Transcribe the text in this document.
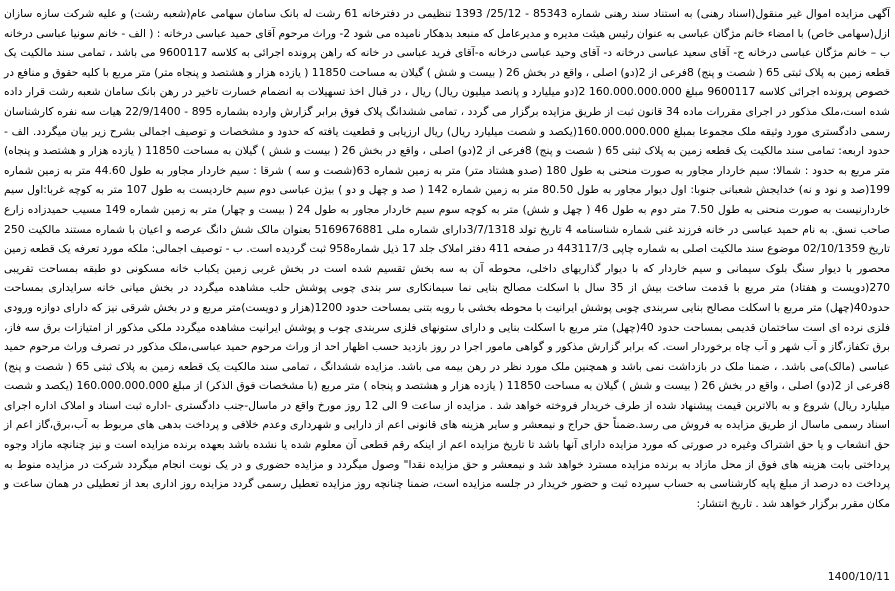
آگهی مزایده اموال غیر منقول(اسناد رهنی) به استناد سند رهنی شماره 85343 - 25/12/ 1393 تنظیمی در دفترخانه 61 رشت له بانک سامان سهامی عام(شعبه رشت) و علیه شرکت سازه سازان ازل(سهامی خاص) با امضاء خانم مژگان عباسی به عنوان رئیس هیئت مدیره و مدیرعامل که منبعد بدهکار نامیده می شود 2- وراث مرحوم آقای حمید عباسی درخانه : ( الف - خانم سونیا عباسی درخانه ب – خانم مژگان عباسی درخانه ج- آقای سعید عباسی درخانه د- آقای وحید عباسی درخانه ه-آقای فرید عباسی در خانه که راهن پرونده اجرائی به کلاسه 9600117 می باشد ، تمامی سند مالکیت یک قطعه زمین به پلاک ثبتی 65 ( شصت و پنج) 8فرعی از 2(دو) اصلی ، واقع در بخش 26 ( بیست و شش ) گیلان به مساحت 11850 ( یازده هزار و هشتصد و پنجاه متر) متر مربع با کلیه حقوق و منافع در خصوص پرونده اجرائی کلاسه 9600117 مبلغ 160.000.000.000 2(دو میلیارد و پانصد میلیون ریال) ریال ، در قبال اخذ تسهیلات به انضمام خسارت تاخیر در رهن بانک سامان شعبه رشت قرار داده شده است،ملک مذکور در اجرای مقررات ماده 34 قانون ثبت از طریق مزایده برگزار می گردد ، تمامی ششدانگ پلاک فوق برابر گزارش وارده بشماره 895 - 22/9/1400 هیات سه نفره کارشناسان رسمی دادگستری مورد وثیقه ملک مجموعا بمبلغ 160.000.000.000(یکصد و شصت میلیارد ریال) ریال ارزیابی و قطعیت یافته که حدود و مشخصات و توصیف اجمالی بشرح زیر بیان میگردد. الف - حدود اربعه: تمامی سند مالکیت یک قطعه زمین به پلاک ثبتی 65 ( شصت و پنج) 8فرعی از 2(دو) اصلی ، واقع در بخش 26 ( بیست و شش ) گیلان به مساحت 11850 ( یازده هزار و هشتصد و پنجاه) متر مربع به حدود : شمالا: سیم خاردار مجاور به صورت منحنی به طول 180 (صدو هشتاد متر) متر به زمین شماره 63(شصت و سه ) شرقا : سیم خاردار مجاور به طول 44.60 متر به زمین شماره 199(صد و نود و نه) خدایجش شعبانی جنوبا: اول دیوار مجاور به طول 80.50 متر به زمین شماره 142 ( صد و چهل و دو ) بیژن عباسی دوم سیم خاردیست به طول 107 متر به کوچه غربا:اول سیم خاردارنیست به صورت منحنی به طول 7.50 متر دوم به طول 46 ( چهل و شش) متر به کوچه سوم سیم خاردار مجاور به طول 24 ( بیست و چهار) متر به زمین شماره 149 مسیب حمیدزاده زارع صاحب نسق. به نام حمید عباسی در خانه فرزند غنی شماره شناسنامه 4 تاریخ تولد 3/7/1318دارای شماره ملی 5169676881 بعنوان مالک شش دانگ عرصه و اعیان با شماره مستند مالکیت 250 تاریخ 02/10/1359 موضوع سند مالکیت اصلی به شماره چاپی 443117/3 در صفحه 411 دفتر املاک جلد 17 ذیل شماره958 ثبت گردیده است. ب - توصیف اجمالی: ملکه مورد تعرفه یک قطعه زمین محصور با دیوار سنگ بلوک سیمانی و سیم خاردار که با دیوار گذاریهای داخلی، محوطه آن به سه بخش تقسیم شده است در بخش غربی زمین یکباب خانه مسکونی دو طبقه بمساحت تقریبی 270(دویست و هفتاد) متر مربع با قدمت ساخت بیش از 35 سال با اسکلت مصالح بنایی نما سیمانکاری سر بندی چوبی پوشش حلب مشاهده میگردد در بخش میانی خانه سرایداری بمساحت حدود40(چهل) متر مربع با اسکلت مصالح بنایی سربندی چوبی پوشش ایرانیت با محوطه بخشی با رویه بتنی بمساحت حدود 1200(هزار و دویست)متر مربع و در بخش شرقی نیز که دارای دوازه ورودی فلزی نرده ای است ساختمان قدیمی بمساحت حدود 40(چهل) متر مربع با اسکلت بنایی و دارای ستونهای فلزی سربندی چوب و پوشش ایرانیت مشاهده میگردد ملکی مذکور از امتیازات برق سه فاز، برق تکفاز،گاز و آب شهر و آب چاه برخوردار است. که برابر گزارش مذکور و گواهی مامور اجرا در روز بازدید حسب اظهار احد از وراث مرحوم حمید عباسی،ملک مذکور در تصرف وراث مرحوم حمید عباسی (مالک)می باشد. ، ضمنا ملک در بازداشت نمی باشد و همچنین ملک مورد نظر در رهن بیمه می باشد. مزایده ششدانگ ، تمامی سند مالکیت یک قطعه زمین به پلاک ثبتی 65 ( شصت و پنج) 8فرعی از 2(دو) اصلی ، واقع در بخش 26 ( بیست و شش ) گیلان به مساحت 11850 ( یازده هزار و هشتصد و پنجاه ) متر مربع (با مشخصات فوق الذکر) از مبلغ 160.000.000.000 (یکصد و شصت میلیارد ریال) شروع و به بالاترین قیمت پیشنهاد شده از طرف خریدار فروخته خواهد شد . مزایده از ساعت 9 الی 12 روز مورخ واقع در ماسال-جنب دادگستری -اداره ثبت اسناد و املاک اداره اجرای اسناد رسمی ماسال از طریق مزایده به فروش می رسد.ضمناً حق حراج و نیمعشر و سایر هزینه های قانونی اعم از دارایی و شهرداری وعدم خلافی و پرداخت بدهی های مربوط به آب،برق،گاز اعم از حق انشعاب و یا حق اشتراک وغیره در صورتی که مورد مزایده دارای آنها باشد تا تاریخ مزایده اعم از اینکه رقم قطعی آن معلوم شده یا نشده باشد بعهده برنده مزایده است و نیز چنانچه مازاد وجوه پرداختی بابت هزینه های فوق از محل مازاد به برنده مزایده مسترد خواهد شد و نیمعشر و حق مزایده نقدا" وصول میگردد و مزایده حضوری و در یک نوبت انجام میگردد شرکت در مزایده منوط به پرداخت ده درصد از مبلغ پایه کارشناسی به حساب سپرده ثبت و حضور خریدار در جلسه مزایده است، ضمنا چنانچه روز مزایده تعطیل رسمی گردد مزایده روز اداری بعد از تعطیلی در همان ساعت و مکان مقرر برگزار خواهد شد . تاریخ انتشار:

1400/10/11
